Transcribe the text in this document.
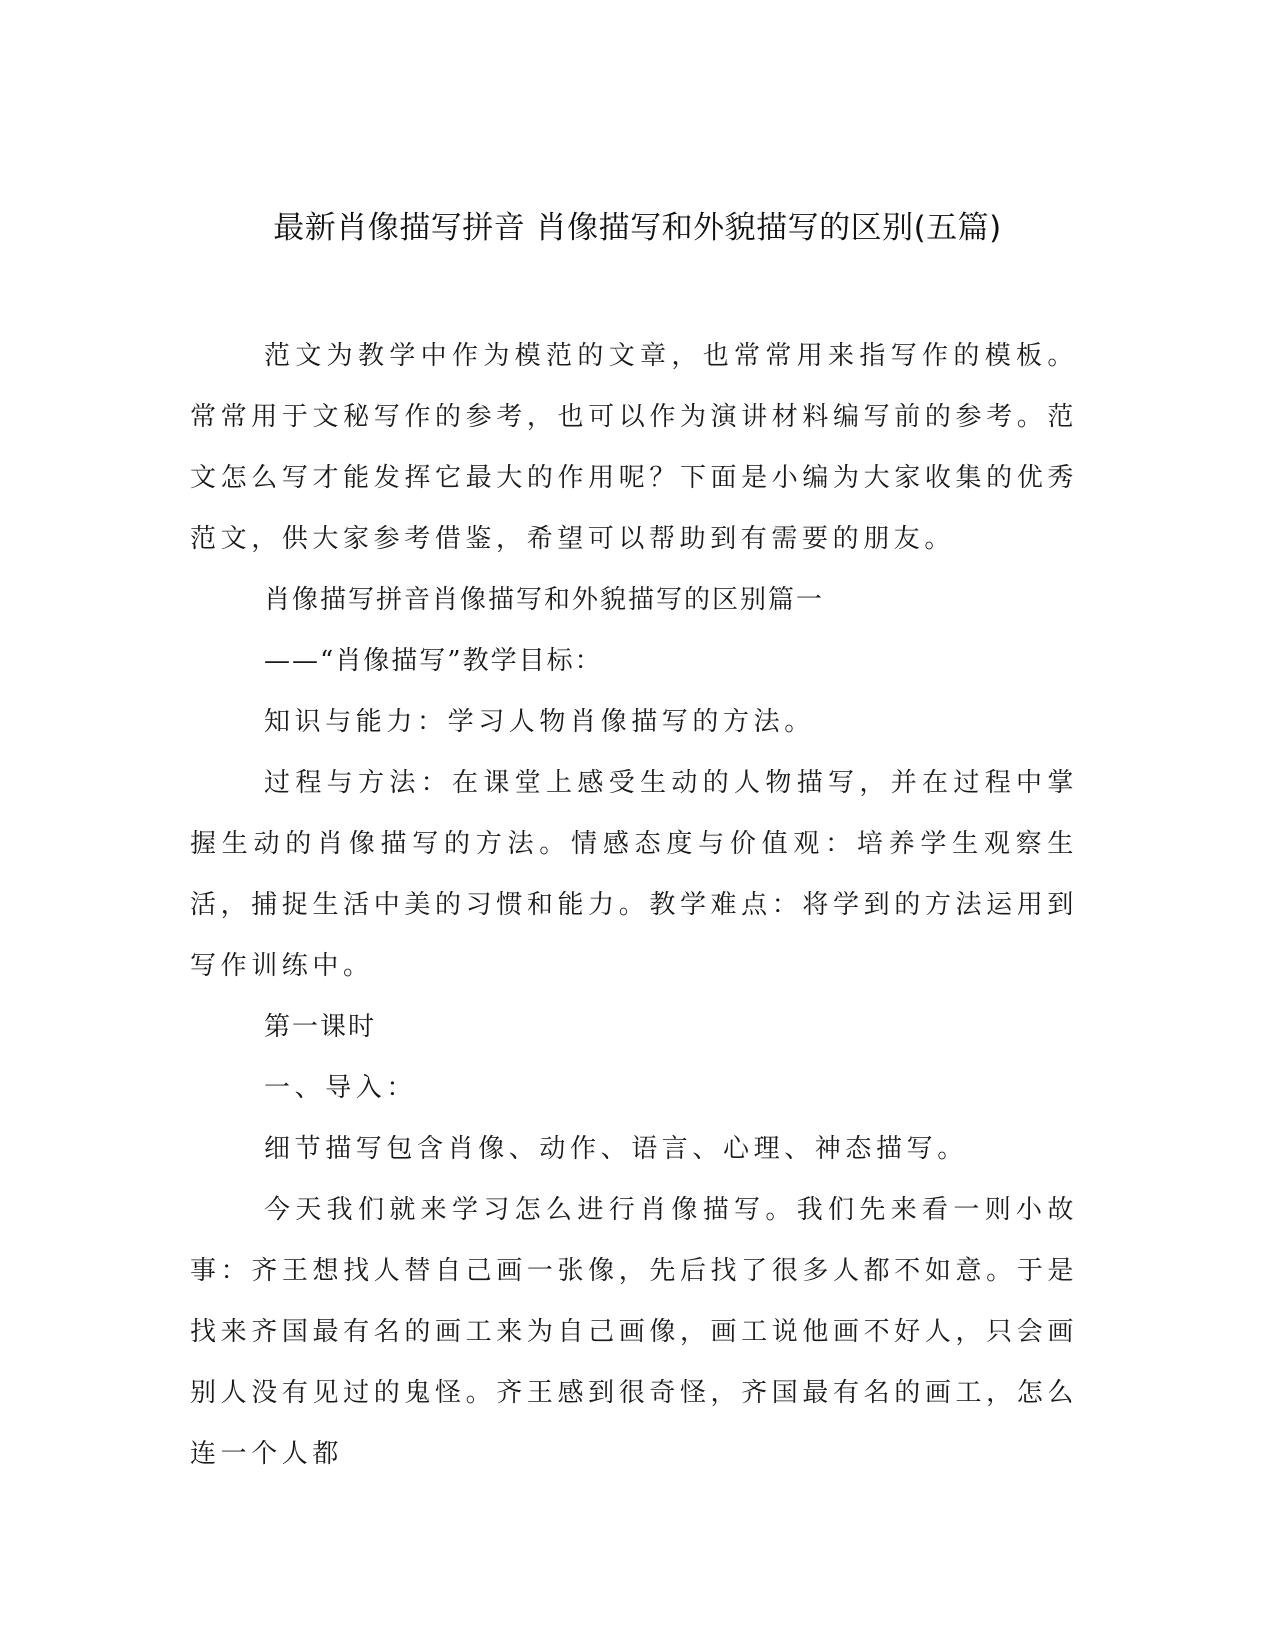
最新肖像描写拼音 肖像描写和外貌描写的区别(五篇)

范文为教学中作为模范的文章，也常常用来指写作的模板。常常用于文秘写作的参考，也可以作为演讲材料编写前的参考。范文怎么写才能发挥它最大的作用呢？下面是小编为大家收集的优秀范文，供大家参考借鉴，希望可以帮助到有需要的朋友。

肖像描写拼音肖像描写和外貌描写的区别篇一

——“肖像描写”教学目标：

知识与能力：学习人物肖像描写的方法。

过程与方法：在课堂上感受生动的人物描写，并在过程中掌握生动的肖像描写的方法。情感态度与价值观：培养学生观察生活，捕捉生活中美的习惯和能力。教学难点：将学到的方法运用到写作训练中。

第一课时

一、导入：

细节描写包含肖像、动作、语言、心理、神态描写。

今天我们就来学习怎么进行肖像描写。我们先来看一则小故事：齐王想找人替自己画一张像，先后找了很多人都不如意。于是找来齐国最有名的画工来为自己画像，画工说他画不好人，只会画别人没有见过的鬼怪。齐王感到很奇怪，齐国最有名的画工，怎么连一个人都
